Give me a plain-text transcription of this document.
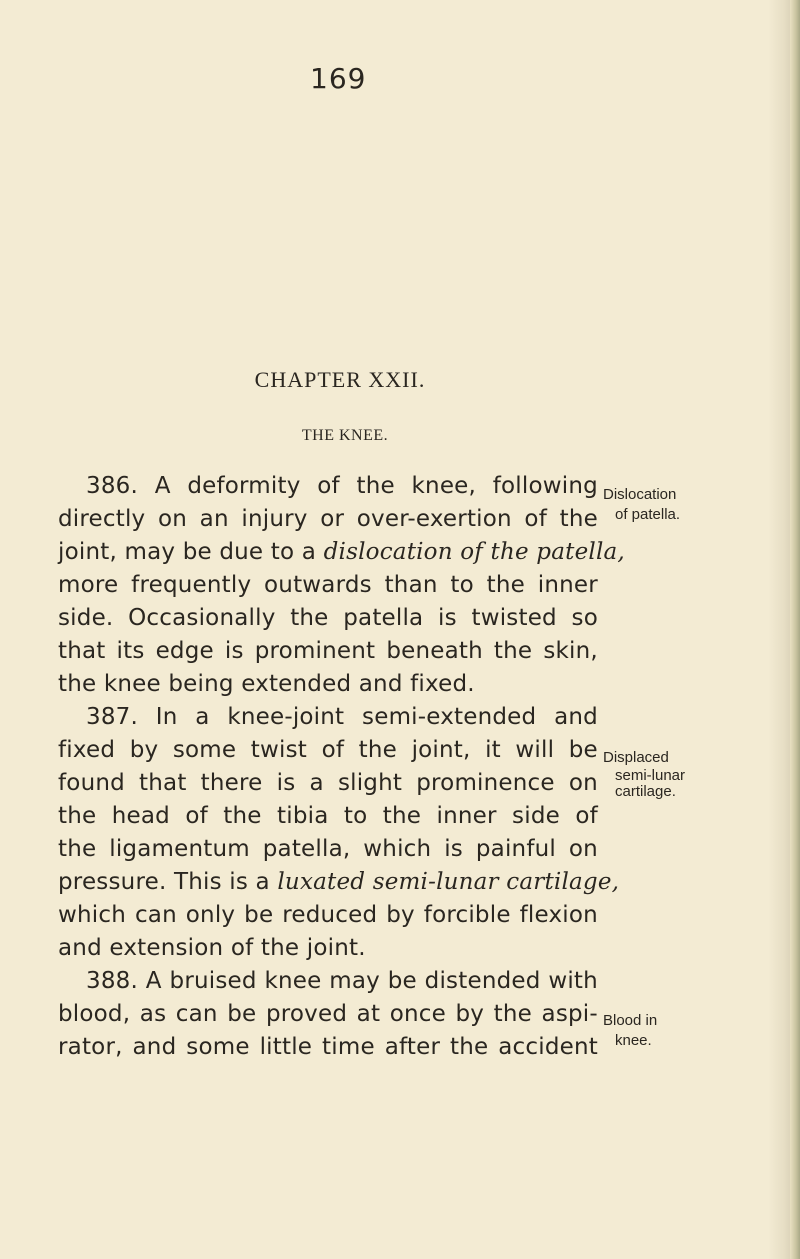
169
CHAPTER XXII.
THE KNEE.
386. A deformity of the knee, following
directly on an injury or over-exertion of the
joint, may be due to a dislocation of the patella,
more frequently outwards than to the inner
side. Occasionally the patella is twisted so
that its edge is prominent beneath the skin,
the knee being extended and fixed.
387. In a knee-joint semi-extended and
fixed by some twist of the joint, it will be
found that there is a slight prominence on
the head of the tibia to the inner side of
the ligamentum patella, which is painful on
pressure. This is a luxated semi-lunar cartilage,
which can only be reduced by forcible flexion
and extension of the joint.
388. A bruised knee may be distended with
blood, as can be proved at once by the aspi-
rator, and some little time after the accident
Dislocation
of patella.
Displaced
semi-lunar
cartilage.
Blood in
knee.
